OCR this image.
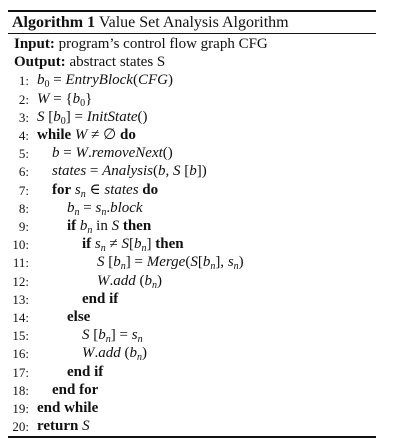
Algorithm 1 Value Set Analysis Algorithm
Input: program’s control flow graph CFG
Output: abstract states S
1: $b_0$ = EntryBlock(CFG)
2: $W = \{b_0\}$
3: S $[b_0]$ = InitState()
4: while W ≠ ∅ do
5: b = W.removeNext()
6: states = Analysis(b, S [b])
7: for $s_n$ ∈ states do
8:	$b_n$ = $s_n.block$
9:	if $b_n$ in S then
10:	if $s_n \ne S[b_n]$ then
11:	S $[b_n]$ = $Merge(S[b_n]$, $s_n$)
12:	W.add $(b_n)$
13:	end if
14:	else
15:	S $[b_n] = s_n$
16:	W.add $(b_n)$
17:	end if
18: end for
19: end while
20: return S
